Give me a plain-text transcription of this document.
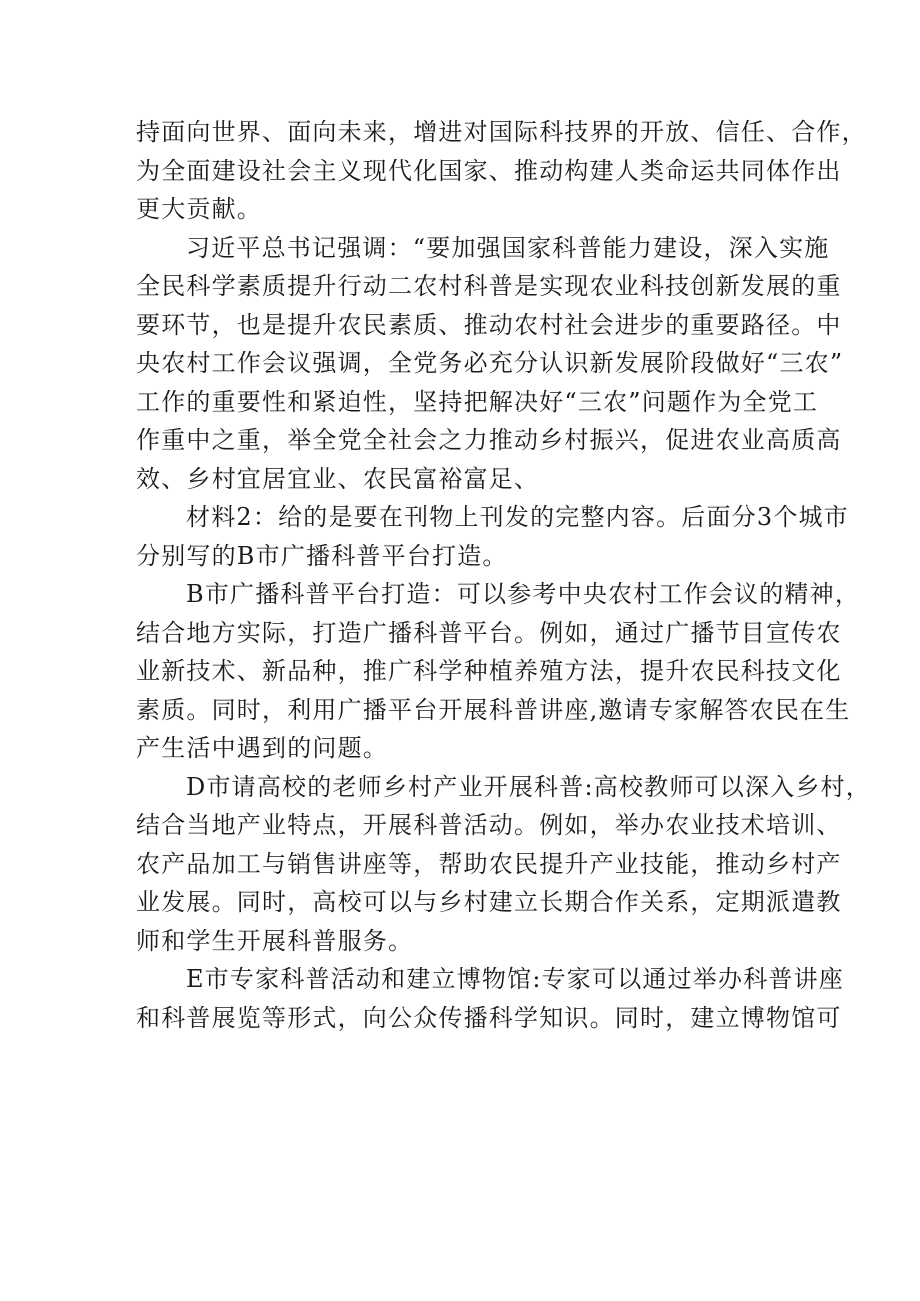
持面向世界、面向未来，增进对国际科技界的开放、信任、合作，
为全面建设社会主义现代化国家、推动构建人类命运共同体作出
更大贡献。
习近平总书记强调：“要加强国家科普能力建设，深入实施
全民科学素质提升行动二农村科普是实现农业科技创新发展的重
要环节，也是提升农民素质、推动农村社会进步的重要路径。中
央农村工作会议强调，全党务必充分认识新发展阶段做好“三农”
工作的重要性和紧迫性，坚持把解决好“三农”问题作为全党工
作重中之重，举全党全社会之力推动乡村振兴，促进农业高质高
效、乡村宜居宜业、农民富裕富足、
材料2：给的是要在刊物上刊发的完整内容。后面分3个城市
分别写的B市广播科普平台打造。
B市广播科普平台打造：可以参考中央农村工作会议的精神，
结合地方实际，打造广播科普平台。例如，通过广播节目宣传农
业新技术、新品种，推广科学种植养殖方法，提升农民科技文化
素质。同时，利用广播平台开展科普讲座,邀请专家解答农民在生
产生活中遇到的问题。
D市请高校的老师乡村产业开展科普:高校教师可以深入乡村，
结合当地产业特点，开展科普活动。例如，举办农业技术培训、
农产品加工与销售讲座等，帮助农民提升产业技能，推动乡村产
业发展。同时，高校可以与乡村建立长期合作关系，定期派遣教
师和学生开展科普服务。
E市专家科普活动和建立博物馆:专家可以通过举办科普讲座
和科普展览等形式，向公众传播科学知识。同时，建立博物馆可
